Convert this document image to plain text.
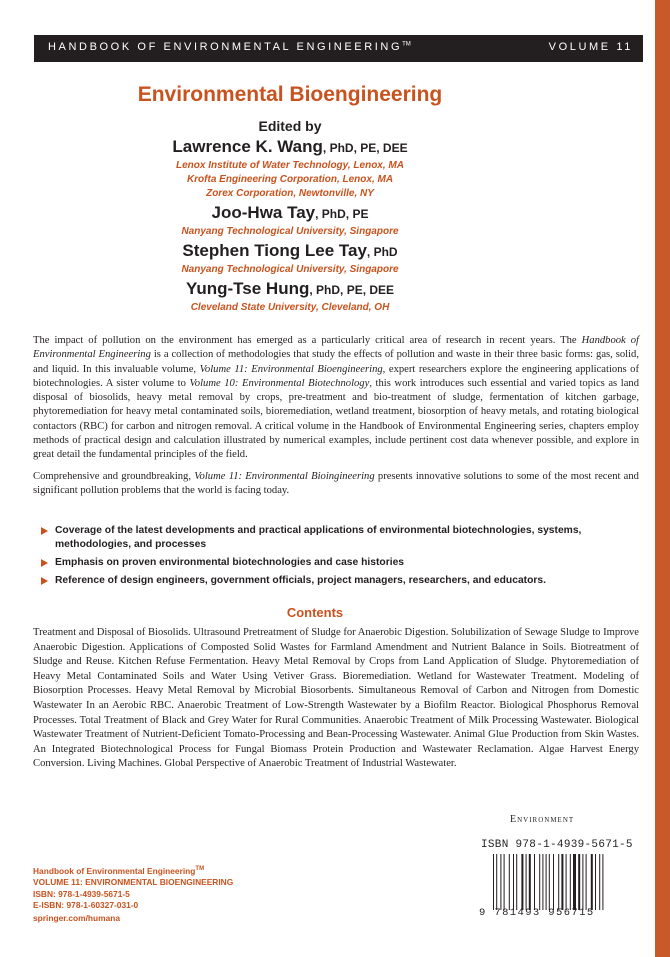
HANDBOOK OF ENVIRONMENTAL ENGINEERING™	VOLUME 11
Environmental Bioengineering
Edited by
Lawrence K. Wang, PhD, PE, DEE
Lenox Institute of Water Technology, Lenox, MA
Krofta Engineering Corporation, Lenox, MA
Zorex Corporation, Newtonville, NY
Joo-Hwa Tay, PhD, PE
Nanyang Technological University, Singapore
Stephen Tiong Lee Tay, PhD
Nanyang Technological University, Singapore
Yung-Tse Hung, PhD, PE, DEE
Cleveland State University, Cleveland, OH

The impact of pollution on the environment has emerged as a particularly critical area of research in recent years. The Handbook of Environmental Engineering is a collection of methodologies that study the effects of pollution and waste in their three basic forms: gas, solid, and liquid. In this invaluable volume, Volume 11: Environmental Bioengineering, expert researchers explore the engineering applications of biotechnologies. A sister volume to Volume 10: Environmental Biotechnology, this work introduces such essential and varied topics as land disposal of biosolids, heavy metal removal by crops, pre-treatment and bio-treatment of sludge, fermentation of kitchen garbage, phytoremediation for heavy metal contaminated soils, bioremediation, wetland treatment, biosorption of heavy metals, and rotating biological contactors (RBC) for carbon and nitrogen removal. A critical volume in the Handbook of Environmental Engineering series, chapters employ methods of practical design and calculation illustrated by numerical examples, include pertinent cost data whenever possible, and explore in great detail the fundamental principles of the field.

Comprehensive and groundbreaking, Volume 11: Environmental Bioingineering presents innovative solutions to some of the most recent and significant pollution problems that the world is facing today.

Coverage of the latest developments and practical applications of environmental biotechnologies, systems, methodologies, and processes
Emphasis on proven environmental biotechnologies and case histories
Reference of design engineers, government officials, project managers, researchers, and educators.
Contents
Treatment and Disposal of Biosolids. Ultrasound Pretreatment of Sludge for Anaerobic Digestion. Solubilization of Sewage Sludge to Improve Anaerobic Digestion. Applications of Composted Solid Wastes for Farmland Amendment and Nutrient Balance in Soils. Biotreatment of Sludge and Reuse. Kitchen Refuse Fermentation. Heavy Metal Removal by Crops from Land Application of Sludge. Phytoremediation of Heavy Metal Contaminated Soils and Water Using Vetiver Grass. Bioremediation. Wetland for Wastewater Treatment. Modeling of Biosorption Processes. Heavy Metal Removal by Microbial Biosorbents. Simultaneous Removal of Carbon and Nitrogen from Domestic Wastewater In an Aerobic RBC. Anaerobic Treatment of Low-Strength Wastewater by a Biofilm Reactor. Biological Phosphorus Removal Processes. Total Treatment of Black and Grey Water for Rural Communities. Anaerobic Treatment of Milk Processing Wastewater. Biological Wastewater Treatment of Nutrient-Deficient Tomato-Processing and Bean-Processing Wastewater. Animal Glue Production from Skin Wastes. An Integrated Biotechnological Process for Fungal Biomass Protein Production and Wastewater Reclamation. Algae Harvest Energy Conversion. Living Machines. Global Perspective of Anaerobic Treatment of Industrial Wastewater.
Environment
ISBN 978-1-4939-5671-5
9 781493 956715
Handbook of Environmental Engineering™
VOLUME 11: ENVIRONMENTAL BIOENGINEERING
ISBN: 978-1-4939-5671-5
E-ISBN: 978-1-60327-031-0
springer.com/humana
